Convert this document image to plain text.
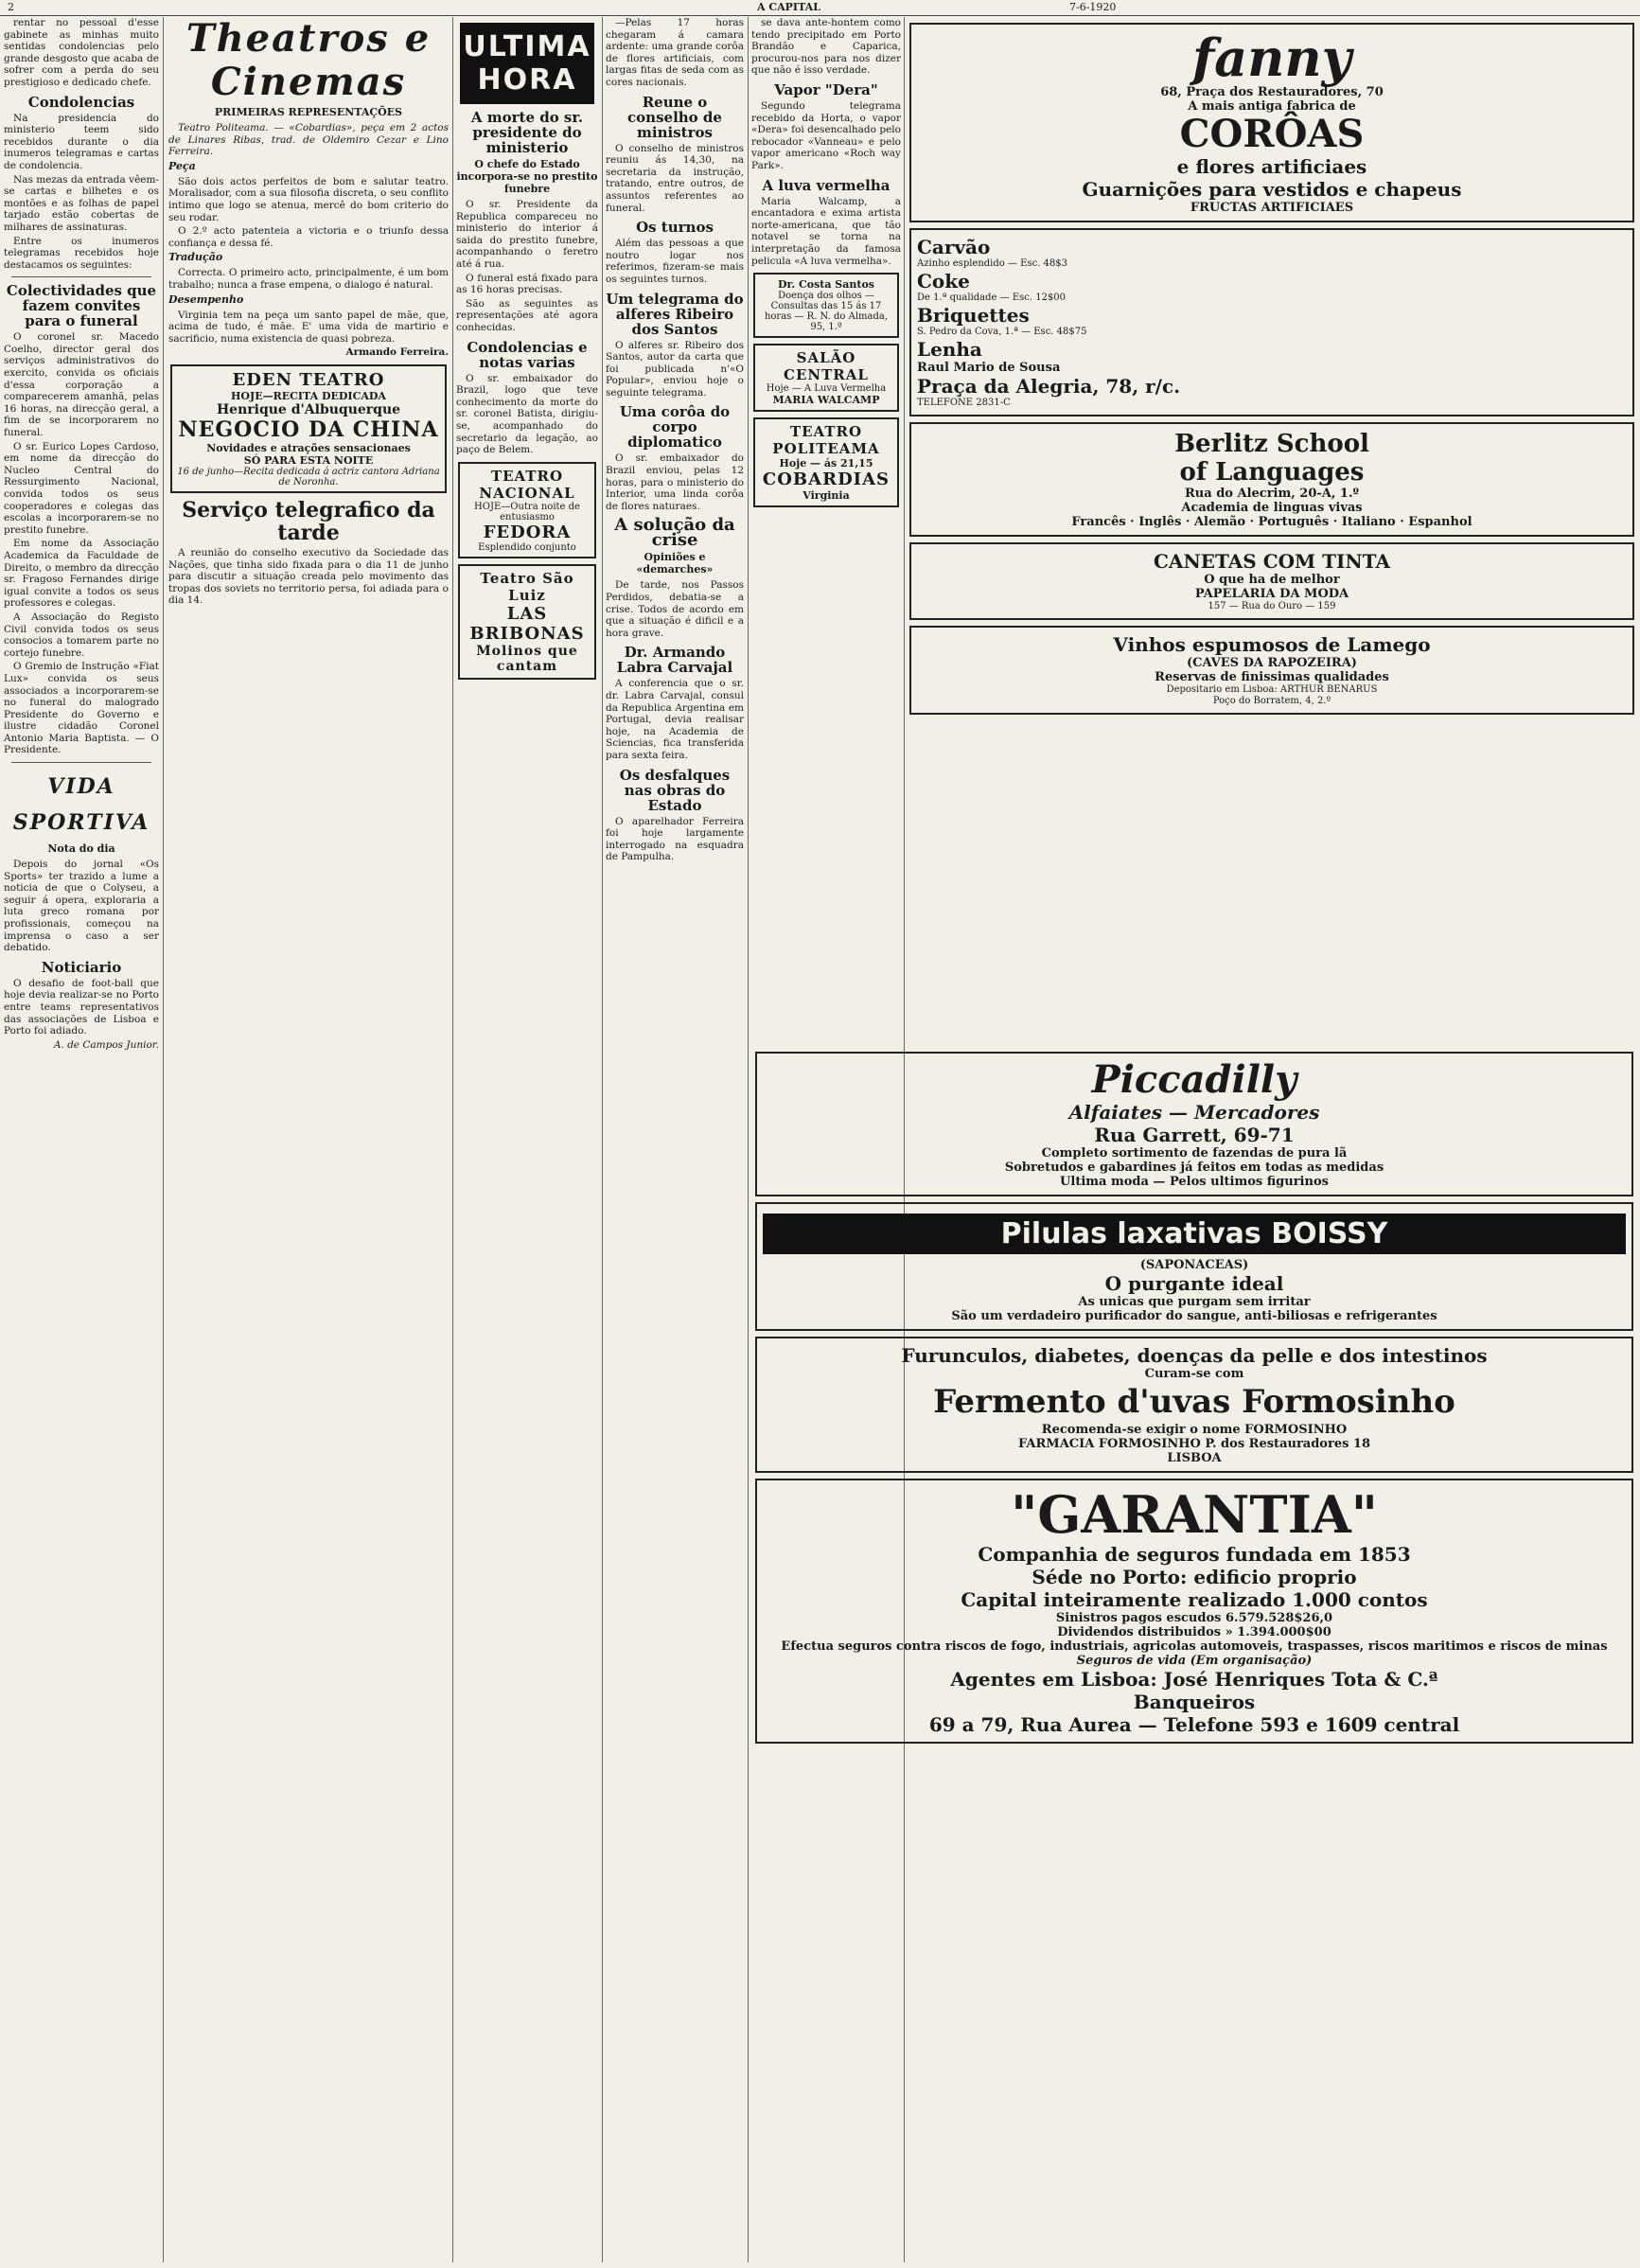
2	A CAPITAL	7-6-1920

rentar no pessoal d'esse gabinete as minhas muito sentidas condolencias pelo grande desgosto que acaba de sofrer com a perda do seu prestigioso e dedicado chefe.

Condolencias

Na presidencia do ministerio teem sido recebidos durante o dia inumeros telegramas e cartas de condolencia.

Nas mezas da entrada vêem-se cartas e bilhetes e os montões e as folhas de papel tarjado estão cobertas de milhares de assinaturas.

Entre os inumeros telegramas recebidos hoje destacamos os seguintes:

Colectividades que fazem convites para o funeral

O coronel sr. Macedo Coelho, director geral dos serviços administrativos do exercito, convida os oficiais d'essa corporação a comparecerem amanhã, pelas 16 horas, na direcção geral, a fim de se incorporarem no funeral.

O sr. Eurico Lopes Cardoso, em nome da direcção do Nucleo Central do Ressurgimento Nacional, convida todos os seus cooperadores e colegas das escolas a incorporarem-se no prestito funebre.

Em nome da Associação Academica da Faculdade de Direito, o membro da direcção sr. Fragoso Fernandes dirige igual convite a todos os seus professores e colegas.

A Associação do Registo Civil convida todos os seus consocios a tomarem parte no cortejo funebre.

O Gremio de Instrução «Fiat Lux» convida os seus associados a incorporarem-se no funeral do malogrado Presidente do Governo e ilustre cidadão Coronel Antonio Maria Baptista. — O Presidente.

VIDA SPORTIVA
Nota do dia

Depois do jornal «Os Sports» ter trazido a lume a noticia de que o Colyseu, a seguir á opera, exploraria a luta greco romana por profissionais, começou na imprensa o caso a ser debatido.

Noticiario

O desafio de foot-ball que hoje devia realizar-se no Porto entre teams representativos das associações de Lisboa e Porto foi adiado.

A. de Campos Junior.

Theatros e Cinemas
PRIMEIRAS REPRESENTAÇÕES

Teatro Politeama. — «Cobardias», peça em 2 actos de Linares Ribas, trad. de Oldemiro Cezar e Lino Ferreira.

Peça

São dois actos perfeitos de bom e salutar teatro. Moralisador, com a sua filosofia discreta, o seu conflito intimo que logo se atenua, mercê do bom criterio do seu rodar.

O 2.º acto patenteia a victoria e o triunfo dessa confiança e dessa fé.

Tradução

Correcta. O primeiro acto, principalmente, é um bom trabalho; nunca a frase empena, o dialogo é natural.

Desempenho

Virginia tem na peça um santo papel de mãe, que, acima de tudo, é mãe. E' uma vida de martirio e sacrificio, numa existencia de quasi pobreza.

Armando Ferreira.

EDEN TEATRO
HOJE—RECITA DEDICADA
Henrique d'Albuquerque
NEGOCIO DA CHINA
Novidades e atrações sensacionaes
SÓ PARA ESTA NOITE
16 de junho—Recita dedicada á actriz cantora Adriana de Noronha.
Serviço telegrafico da tarde

A reunião do conselho executivo da Sociedade das Nações, que tinha sido fixada para o dia 11 de junho para discutir a situação creada pelo movimento das tropas dos soviets no territorio persa, foi adiada para o dia 14.

ULTIMA HORA
A morte do sr. presidente do ministerio
O chefe do Estado incorpora-se no prestito funebre

O sr. Presidente da Republica compareceu no ministerio do interior á saida do prestito funebre, acompanhando o feretro até á rua.

O funeral está fixado para as 16 horas precisas.

São as seguintes as representações até agora conhecidas.

Condolencias e notas varias

O sr. embaixador do Brazil, logo que teve conhecimento da morte do sr. coronel Batista, dirigiu-se, acompanhado do secretario da legação, ao paço de Belem.

TEATRO NACIONAL
HOJE—Outra noite de entusiasmo
FEDORA
Esplendido conjunto
Teatro São Luiz
LAS BRIBONAS
Molinos que cantam

—Pelas 17 horas chegaram á camara ardente: uma grande corôa de flores artificiais, com largas fitas de seda com as cores nacionais.

Reune o conselho de ministros

O conselho de ministros reuniu ás 14,30, na secretaria da instrução, tratando, entre outros, de assuntos referentes ao funeral.

Os turnos

Além das pessoas a que noutro logar nos referimos, fizeram-se mais os seguintes turnos.

Um telegrama do alferes Ribeiro dos Santos

O alferes sr. Ribeiro dos Santos, autor da carta que foi publicada n'«O Popular», enviou hoje o seguinte telegrama.

Uma corôa do corpo diplomatico

O sr. embaixador do Brazil enviou, pelas 12 horas, para o ministerio do Interior, uma linda corôa de flores naturaes.

A solução da crise
Opiniões e «demarches»

De tarde, nos Passos Perdidos, debatia-se a crise. Todos de acordo em que a situação é dificil e a hora grave.

Dr. Armando Labra Carvajal

A conferencia que o sr. dr. Labra Carvajal, consul da Republica Argentina em Portugal, devia realisar hoje, na Academia de Sciencias, fica transferida para sexta feira.

Os desfalques nas obras do Estado

O aparelhador Ferreira foi hoje largamente interrogado na esquadra de Pampulha.

se dava ante-hontem como tendo precipitado em Porto Brandão e Caparica, procurou-nos para nos dizer que não é isso verdade.

Vapor "Dera"

Segundo telegrama recebido da Horta, o vapor «Dera» foi desencalhado pelo rebocador «Vanneau» e pelo vapor americano «Roch way Park».

A luva vermelha

Maria Walcamp, a encantadora e exima artista norte-americana, que tão notavel se torna na interpretação da famosa pelicula «A luva vermelha».

Dr. Costa Santos
Doença dos olhos — Consultas das 15 ás 17 horas — R. N. do Almada, 95, 1.º
SALÃO CENTRAL
Hoje — A Luva Vermelha
MARIA WALCAMP
TEATRO POLITEAMA
Hoje — ás 21,15
COBARDIAS
Virginia
Piccadilly
Alfaiates — Mercadores
Rua Garrett, 69-71
Completo sortimento de fazendas de pura lã
Sobretudos e gabardines já feitos em todas as medidas
Ultima moda — Pelos ultimos figurinos
Pilulas laxativas BOISSY
(SAPONACEAS)
O purgante ideal
As unicas que purgam sem irritar
São um verdadeiro purificador do sangue, anti-biliosas e refrigerantes
Furunculos, diabetes, doenças da pelle e dos intestinos
Curam-se com
Fermento d'uvas Formosinho
Recomenda-se exigir o nome FORMOSINHO
FARMACIA FORMOSINHO P. dos Restauradores 18
LISBOA
"GARANTIA"
Companhia de seguros fundada em 1853
Séde no Porto: edificio proprio
Capital inteiramente realizado 1.000 contos
Sinistros pagos escudos 6.579.528$26,0
Dividendos distribuidos » 1.394.000$00
Efectua seguros contra riscos de fogo, industriais, agricolas automoveis, traspasses, riscos maritimos e riscos de minas
Seguros de vida (Em organisação)
Agentes em Lisboa: José Henriques Tota & C.ª
Banqueiros
69 a 79, Rua Aurea — Telefone 593 e 1609 central
fanny
68, Praça dos Restauradores, 70
A mais antiga fabrica de
CORÔAS
e flores artificiaes
Guarnições para vestidos e chapeus
FRUCTAS ARTIFICIAES
Carvão
Azinho esplendido — Esc. 48$3
Coke
De 1.ª qualidade — Esc. 12$00
Briquettes
S. Pedro da Cova, 1.ª — Esc. 48$75
Lenha
Raul Mario de Sousa
Praça da Alegria, 78, r/c.
TELEFONE 2831-C
Berlitz School
of Languages
Rua do Alecrim, 20-A, 1.º
Academia de linguas vivas
Francês · Inglês · Alemão · Português · Italiano · Espanhol
CANETAS COM TINTA
O que ha de melhor
PAPELARIA DA MODA
157 — Rua do Ouro — 159
Vinhos espumosos de Lamego
(CAVES DA RAPOZEIRA)
Reservas de finissimas qualidades
Depositario em Lisboa: ARTHUR BENARUS
Poço do Borratem, 4, 2.º
